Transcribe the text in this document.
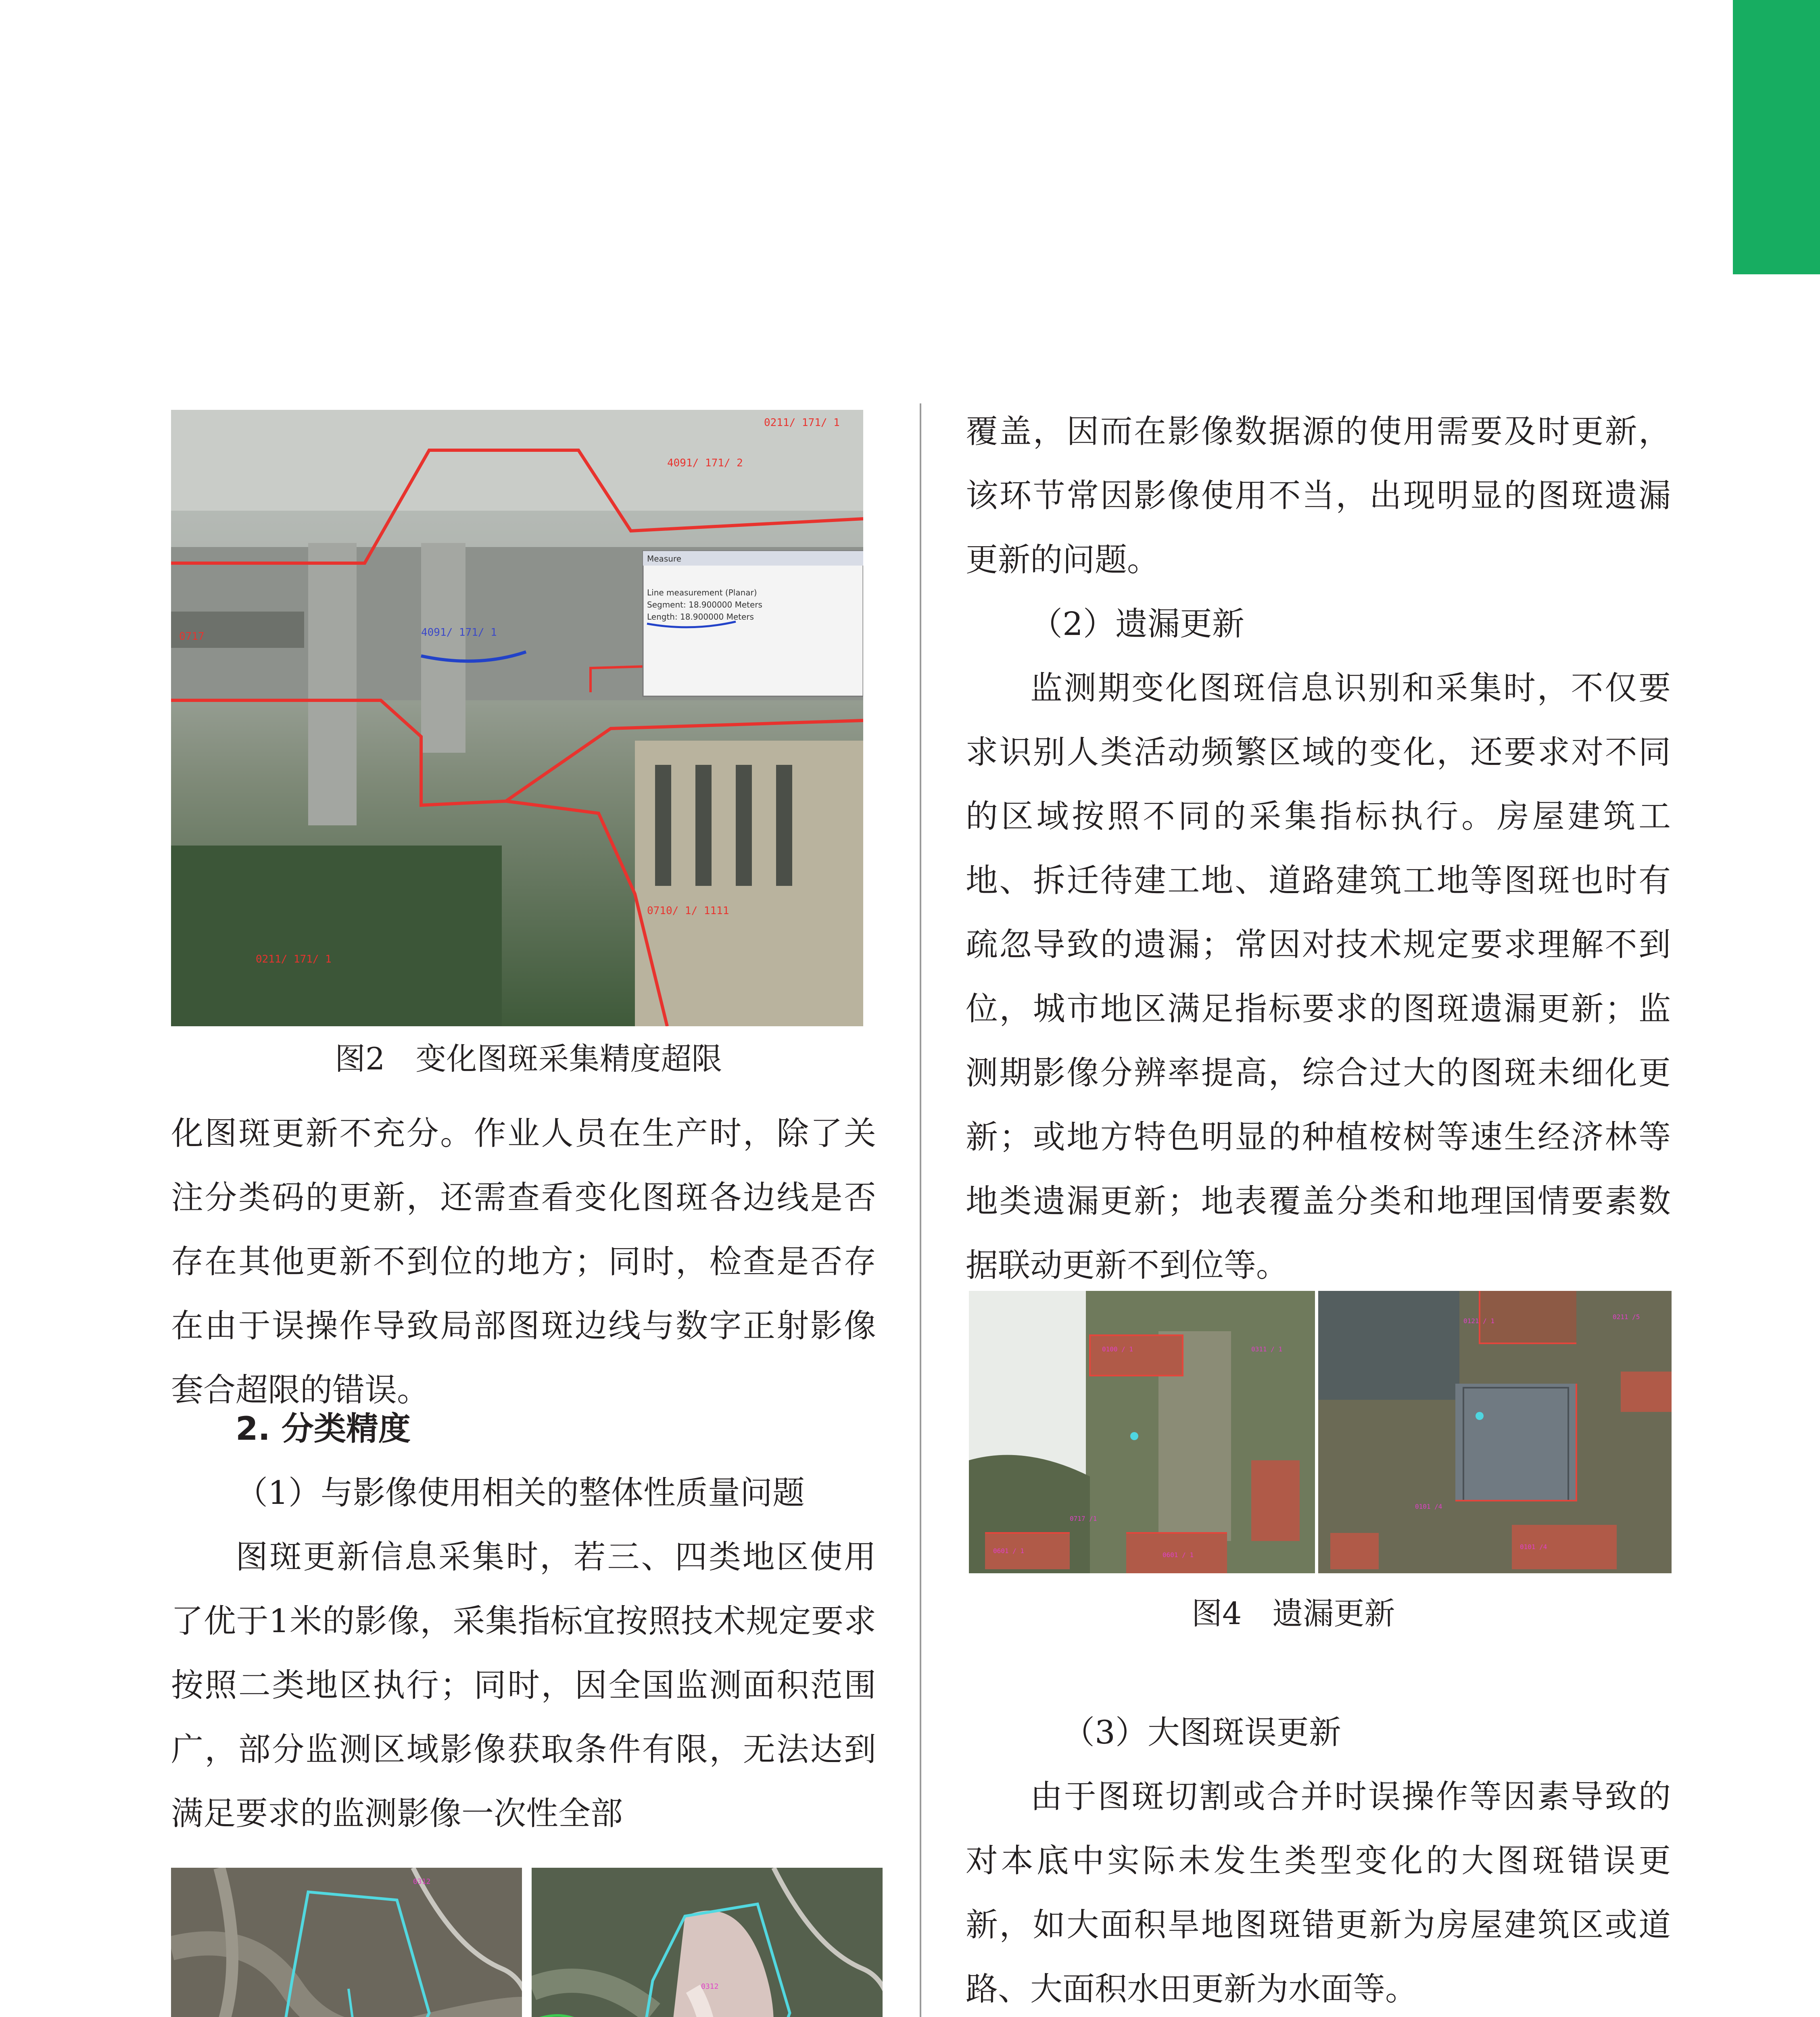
0211/ 171/ 1
4091/ 171/ 2
4091/ 171/ 1
0717
0710/ 1/ 1111
0211/ 171/ 1
Measure
Line measurement (Planar)
Segment: 18.900000 Meters
Length: 18.900000 Meters
图2　变化图斑采集精度超限

化图斑更新不充分。作业人员在生产时，除了关注分类码的更新，还需查看变化图斑各边线是否存在其他更新不到位的地方；同时，检查是否存在由于误操作导致局部图斑边线与数字正射影像套合超限的错误。

2. 分类精度

（1）与影像使用相关的整体性质量问题

图斑更新信息采集时，若三、四类地区使用了优于1米的影像，采集指标宜按照技术规定要求按照二类地区执行；同时，因全国监测面积范围广，部分监测区域影像获取条件有限，无法达到满足要求的监测影像一次性全部

0312
0312

覆盖，因而在影像数据源的使用需要及时更新，该环节常因影像使用不当，出现明显的图斑遗漏更新的问题。

（2）遗漏更新

监测期变化图斑信息识别和采集时，不仅要求识别人类活动频繁区域的变化，还要求对不同的区域按照不同的采集指标执行。房屋建筑工地、拆迁待建工地、道路建筑工地等图斑也时有疏忽导致的遗漏；常因对技术规定要求理解不到位，城市地区满足指标要求的图斑遗漏更新；监测期影像分辨率提高，综合过大的图斑未细化更新；或地方特色明显的种植桉树等速生经济林等地类遗漏更新；地表覆盖分类和地理国情要素数据联动更新不到位等。

0100 / 1	0311 / 1
0717 /1
0601 / 1
0601 / 1
0211 /5
0121 / 1
0101 /4
0101 /4
图4　遗漏更新

（3）大图斑误更新

由于图斑切割或合并时误操作等因素导致的对本底中实际未发生类型变化的大图斑错误更新，如大面积旱地图斑错更新为房屋建筑区或道路、大面积水田更新为水面等。
